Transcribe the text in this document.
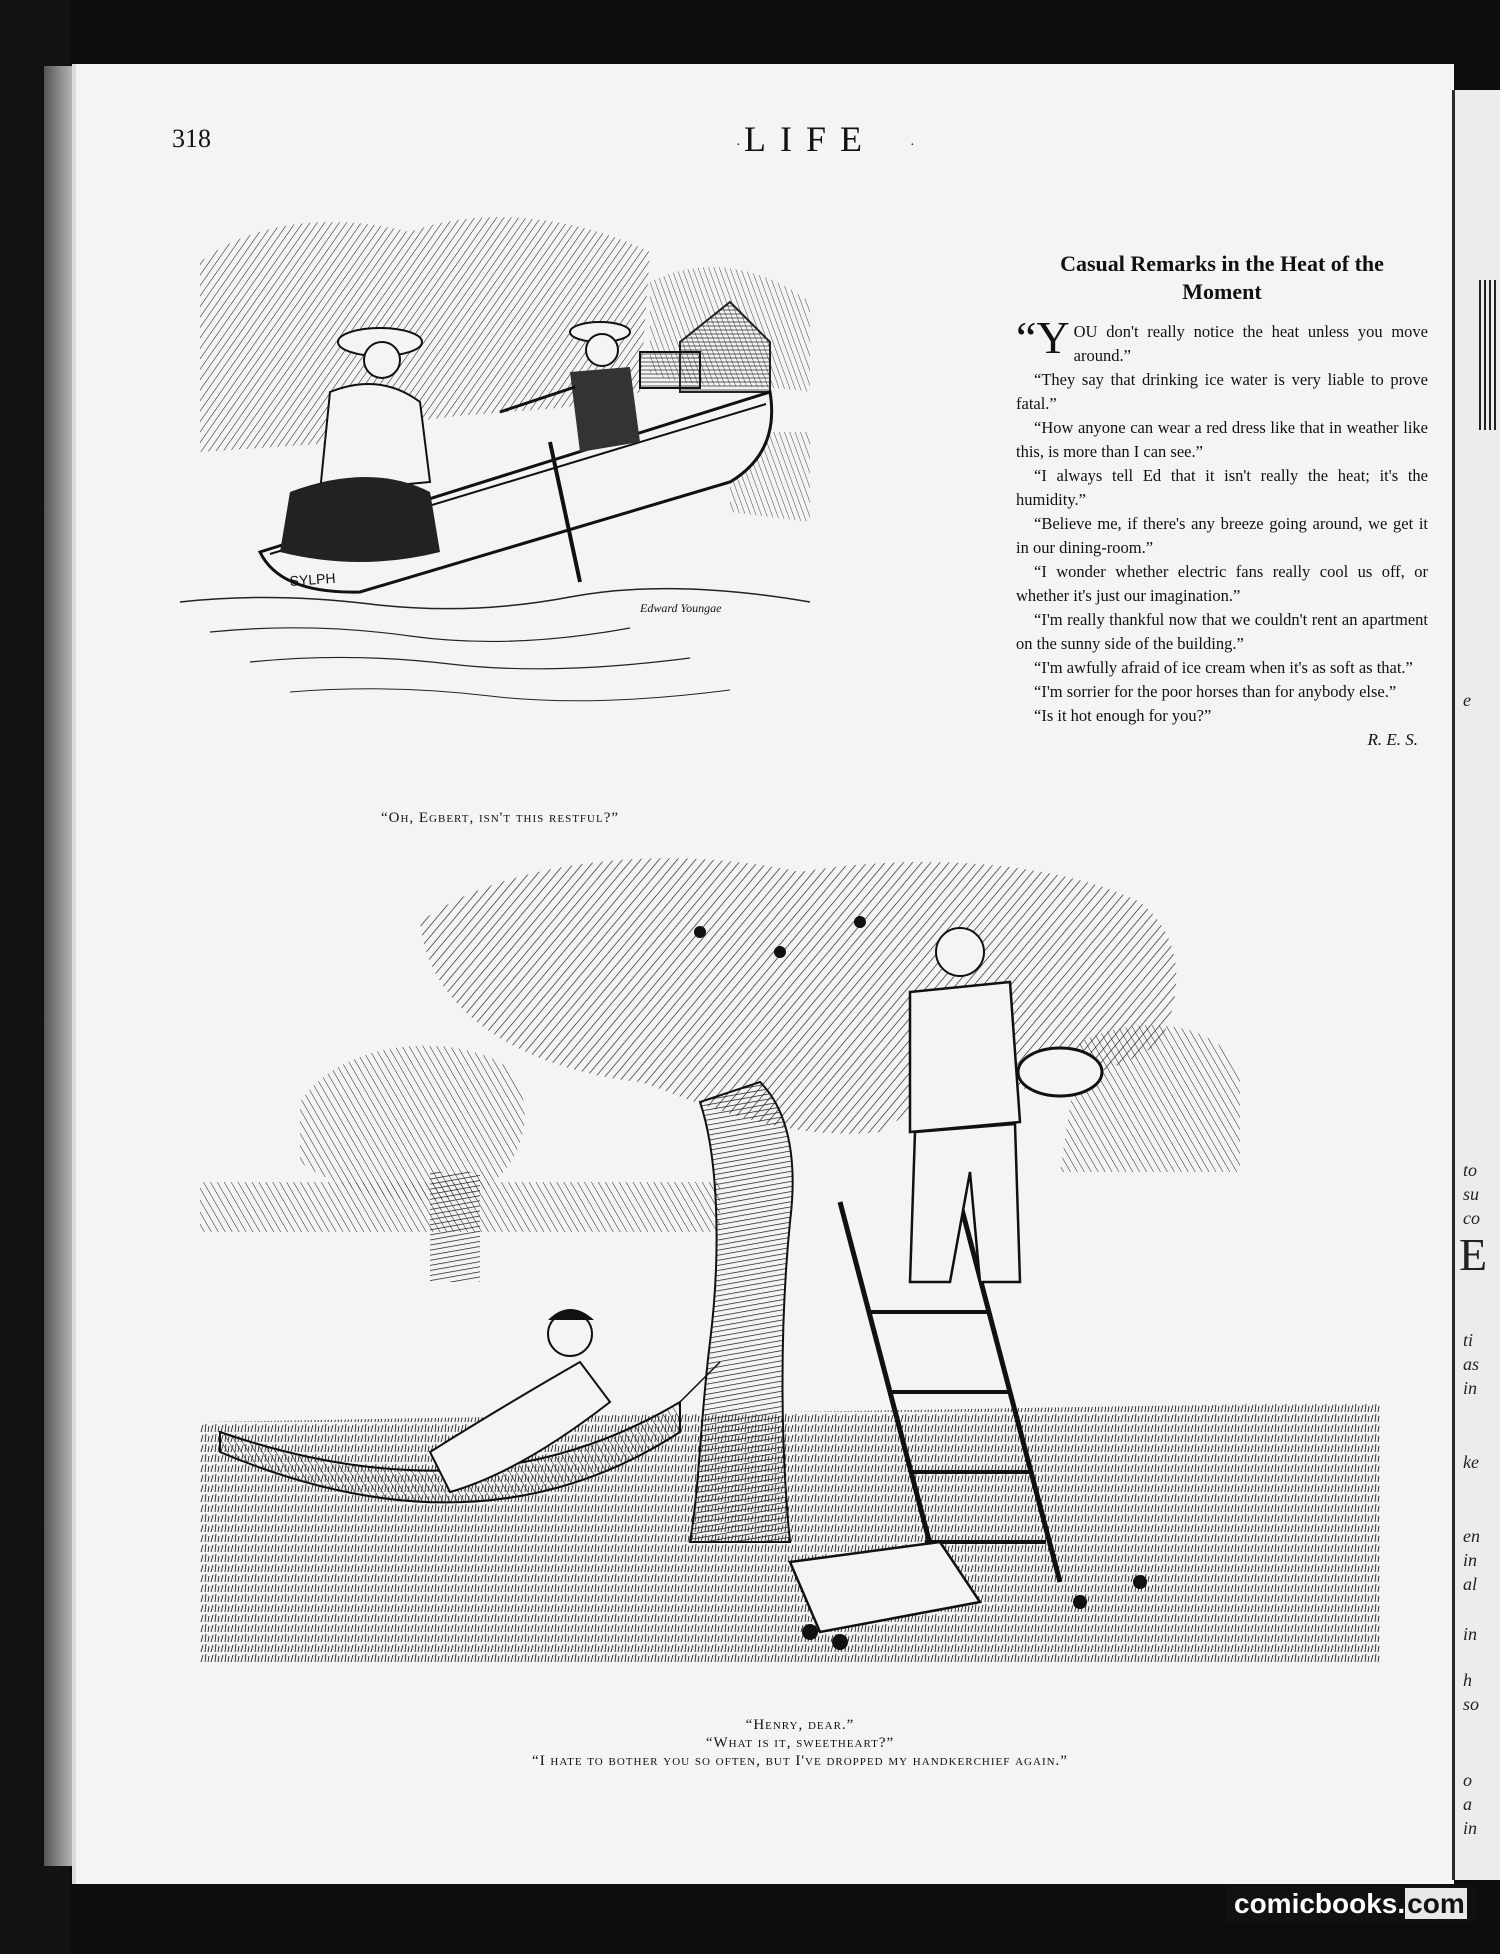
e
to
su
co
E
ti
as
in
ke
en
in
al
in
h
so
o
a
in
318	· LIFE	·
SYLPH
Edward Youngae
“Oh, Egbert, isn't this restful?”
Casual Remarks in the Heat of the
Moment

“YOU don't really notice the heat unless you move around.”

“They say that drinking ice water is very liable to prove fatal.”

“How anyone can wear a red dress like that in weather like this, is more than I can see.”

“I always tell Ed that it isn't really the heat; it's the humidity.”

“Believe me, if there's any breeze going around, we get it in our dining-room.”

“I wonder whether electric fans really cool us off, or whether it's just our imagination.”

“I'm really thankful now that we couldn't rent an apartment on the sunny side of the building.”

“I'm awfully afraid of ice cream when it's as soft as that.”

“I'm sorrier for the poor horses than for anybody else.”

“Is it hot enough for you?”

R. E. S.
“Henry, dear.”
“What is it, sweetheart?”
“I hate to bother you so often, but I've dropped my handkerchief again.”
comicbooks.com
